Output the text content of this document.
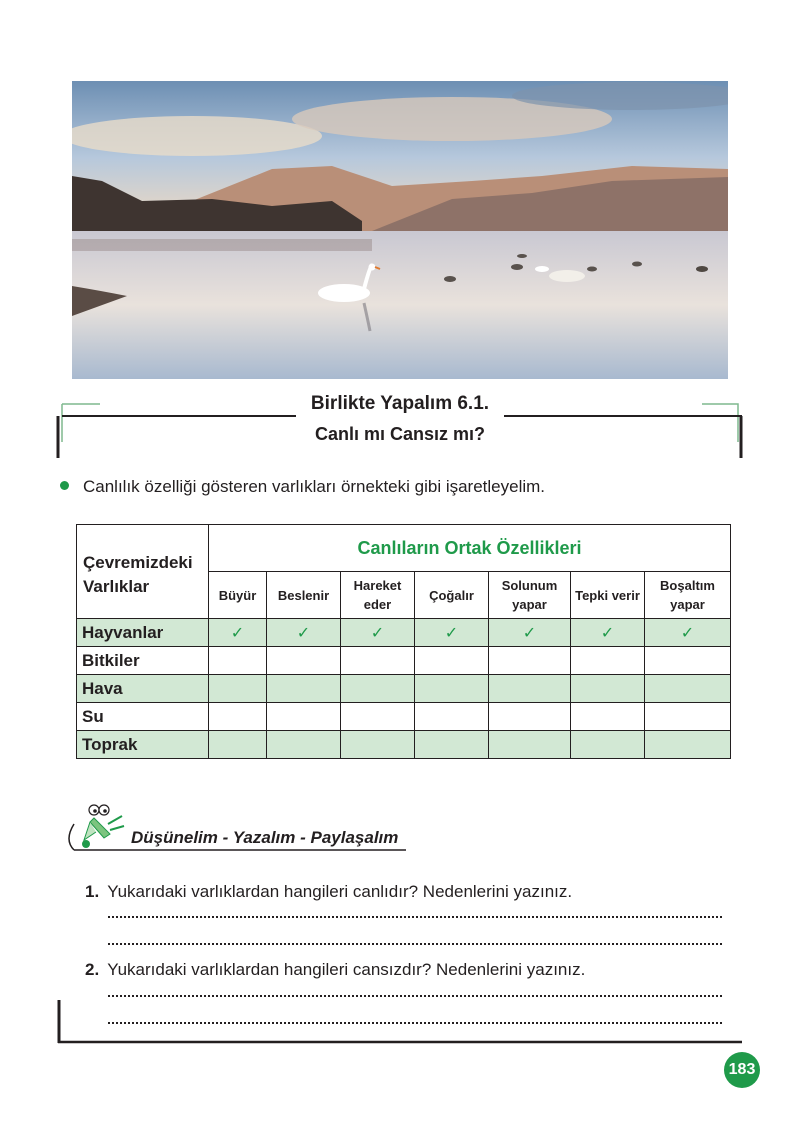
Birlikte Yapalım 6.1.
Canlı mı Cansız mı?
Canlılık özelliği gösteren varlıkları örnekteki gibi işaretleyelim.
Çevremizdeki Varlıklar	Canlıların Ortak Özellikleri						
	Büyür	Beslenir	Hareket eder	Çoğalır	Solunum yapar	Tepki verir	Boşaltım yapar
Hayvanlar	✓	✓	✓	✓	✓	✓	✓
Bitkiler							
Hava							
Su							
Toprak							
Düşünelim - Yazalım - Paylaşalım
1. Yukarıdaki varlıklardan hangileri canlıdır? Nedenlerini yazınız.
2. Yukarıdaki varlıklardan hangileri cansızdır? Nedenlerini yazınız.
183
